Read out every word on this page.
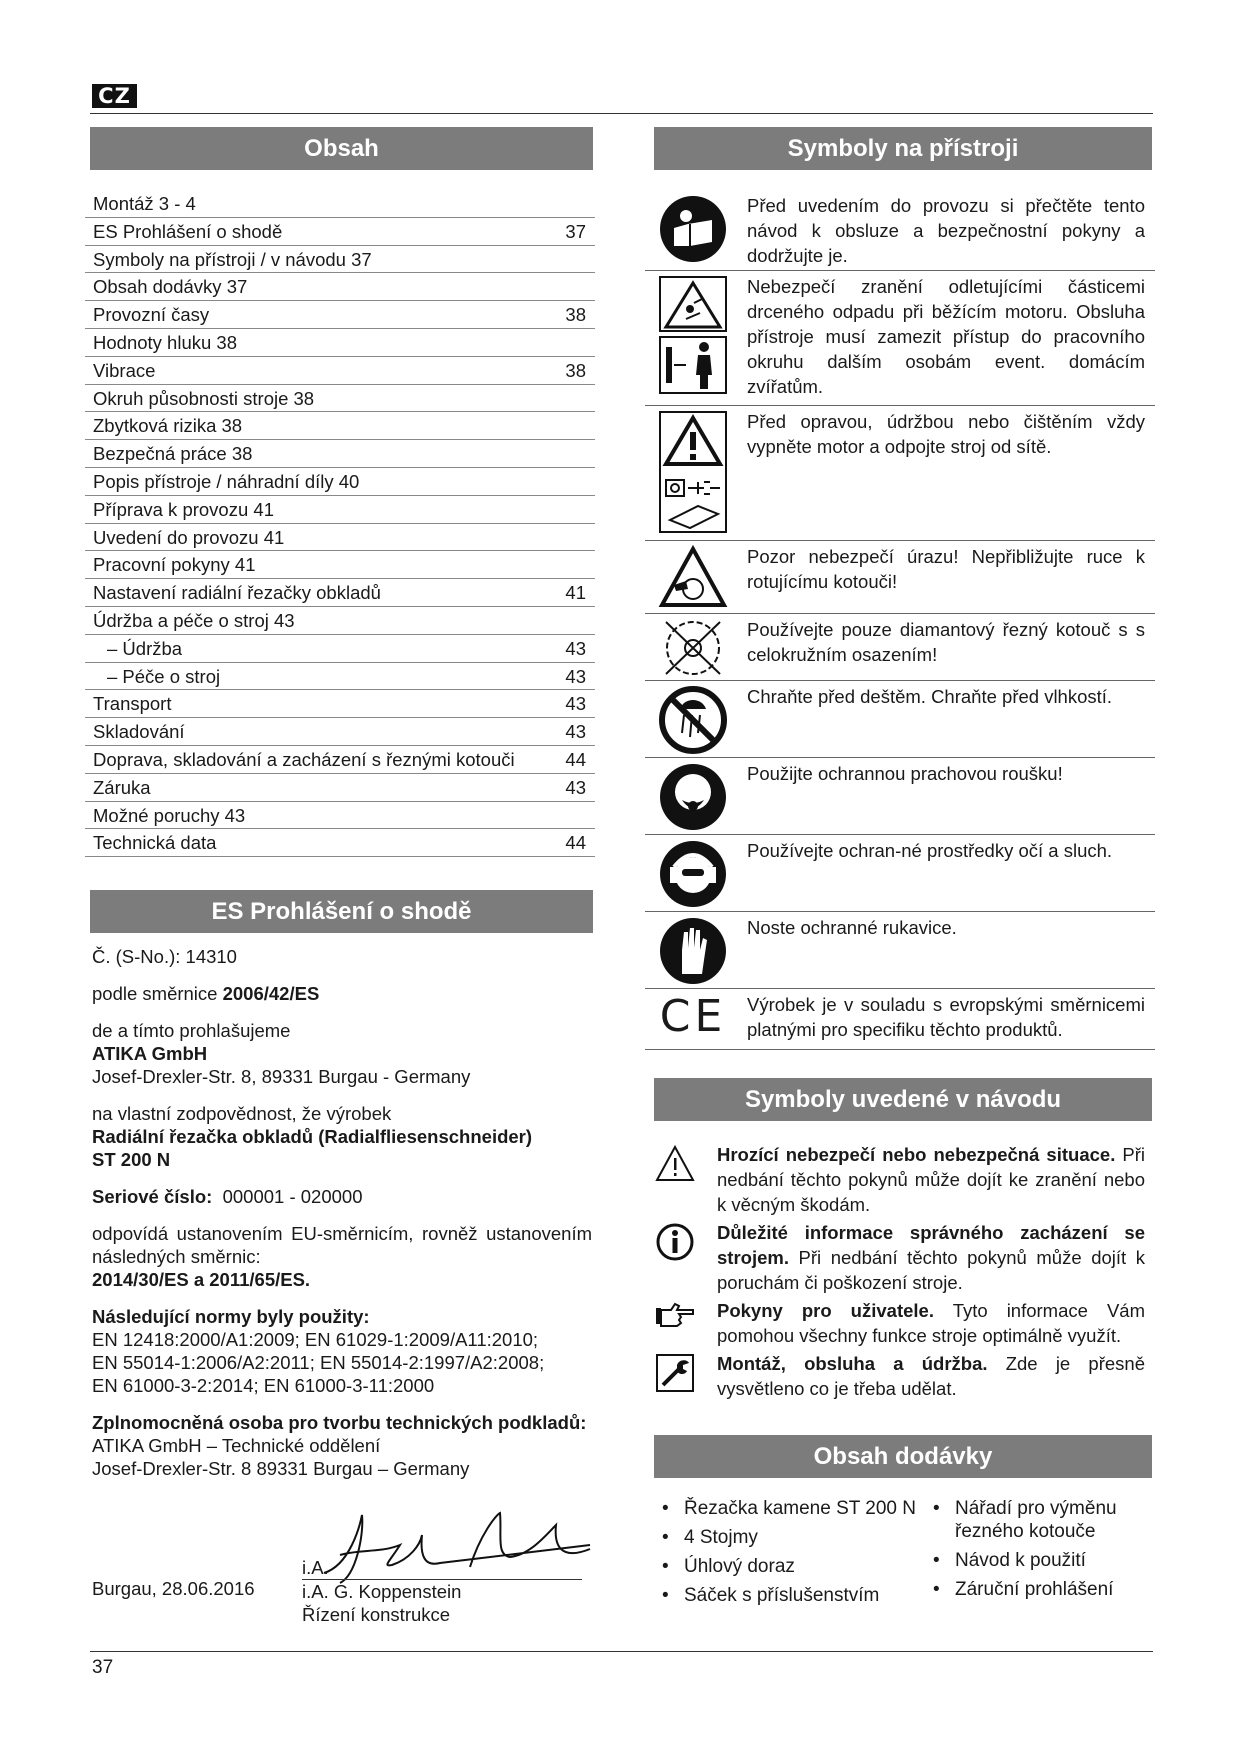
CZ
Obsah
Montáž 3 - 4
ES Prohlášení o shodě	37
Symboly na přístroji / v návodu 37
Obsah dodávky 37
Provozní časy	38
Hodnoty hluku 38
Vibrace	38
Okruh působnosti stroje 38
Zbytková rizika 38
Bezpečná práce 38
Popis přístroje / náhradní díly 40
Příprava k provozu 41
Uvedení do provozu 41
Pracovní pokyny 41
Nastavení radiální řezačky obkladů	41
Údržba a péče o stroj 43
– Údržba	43
– Péče o stroj	43
Transport	43
Skladování	43
Doprava, skladování a zacházení s řeznými kotouči	44
Záruka	43
Možné poruchy 43
Technická data	44
ES Prohlášení o shodě

Č. (S-No.): 14310

podle směrnice 2006/42/ES

de a tímto prohlašujeme
ATIKA GmbH
Josef-Drexler-Str. 8, 89331 Burgau - Germany

na vlastní zodpovědnost, že výrobek
Radiální řezačka obkladů (Radialfliesenschneider)
ST 200 N

Seriové číslo: 000001 - 020000

odpovídá ustanovením EU-směrnicím, rovněž ustanovením následných směrnic:
2014/30/ES a 2011/65/ES.

Následující normy byly použity:
EN 12418:2000/A1:2009; EN 61029-1:2009/A11:2010;
EN 55014-1:2006/A2:2011; EN 55014-2:1997/A2:2008;
EN 61000-3-2:2014; EN 61000-3-11:2000

Zplnomocněná osoba pro tvorbu technických podkladů:
ATIKA GmbH – Technické oddělení
Josef-Drexler-Str. 8 89331 Burgau – Germany

Burgau, 28.06.2016
i.A.
i.A. G. Koppenstein
Řízení konstrukce
Symboly na přístroji
Před uvedením do provozu si přečtěte tento návod k obsluze a bezpečnostní pokyny a dodržujte je.
Nebezpečí zranění odletujícími částicemi drceného odpadu při běžícím motoru. Obsluha přístroje musí zamezit přístup do pracovního okruhu dalším osobám event. domácím zvířatům.
Před opravou, údržbou nebo čištěním vždy vypněte motor a odpojte stroj od sítě.
Pozor nebezpečí úrazu! Nepřibližujte ruce k rotujícímu kotouči!
Používejte pouze diamantový řezný kotouč s s celokružním osazením!
Chraňte před deštěm. Chraňte před vlhkostí.
Použijte ochrannou prachovou roušku!
Používejte ochran-né prostředky očí a sluch.
Noste ochranné rukavice.
CE	Výrobek je v souladu s evropskými směrnicemi platnými pro specifiku těchto produktů.
Symboly uvedené v návodu
Hrozící nebezpečí nebo nebezpečná situace. Při nedbání těchto pokynů může dojít ke zranění nebo k věcným škodám.
Důležité informace správného zacházení se strojem. Při nedbání těchto pokynů může dojít k poruchám či poškození stroje.
Pokyny pro uživatele. Tyto informace Vám pomohou všechny funkce stroje optimálně využít.
Montáž, obsluha a údržba. Zde je přesně vysvětleno co je třeba udělat.
Obsah dodávky
• Řezačka kamene ST 200 N
• 4 Stojmy
• Úhlový doraz
• Sáček s příslušenstvím
• Nářadí pro výměnu řezného kotouče
• Návod k použití
• Záruční prohlášení
37
